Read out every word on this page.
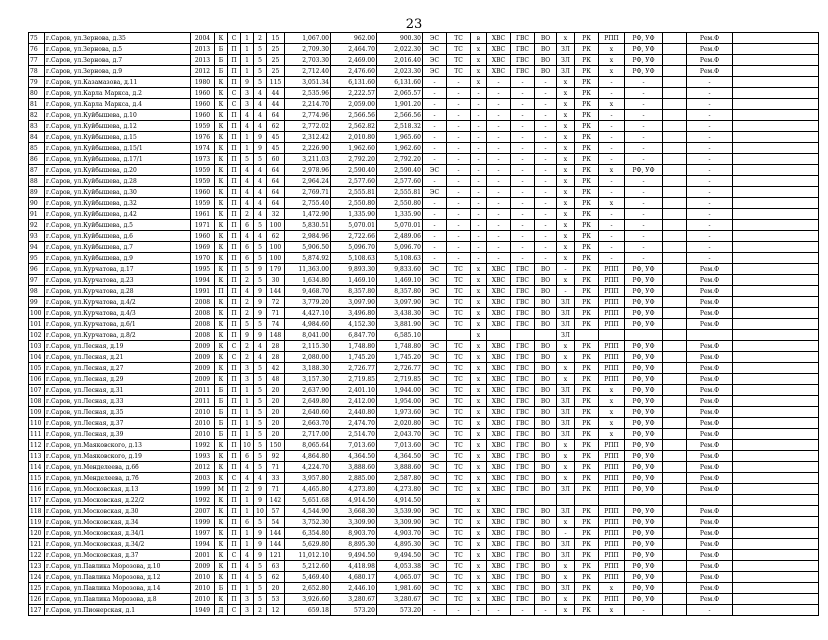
23
75	г.Саров, ул.Зернова, д.35	2004	К	С	1	2	15	1,067.00	962.00	900.30	ЭС	ТС	в	ХВС	ГВС	ВО	х	РК	РПП	РФ, УФ		Рем.Ф	
76	г.Саров, ул.Зернова, д.5	2013	Б	П	1	5	25	2,709.30	2,464.70	2,022.30	ЭС	ТС	х	ХВС	ГВС	ВО	ЗЛ	РК	х	РФ, УФ		Рем.Ф	
77	г.Саров, ул.Зернова, д.7	2013	Б	П	1	5	25	2,703.30	2,469.00	2,016.40	ЭС	ТС	х	ХВС	ГВС	ВО	ЗЛ	РК	х	РФ, УФ		Рем.Ф	
78	г.Саров, ул.Зернова, д.9	2012	Б	П	1	5	25	2,712.40	2,476.60	2,023.30	ЭС	ТС	х	ХВС	ГВС	ВО	ЗЛ	РК	х	РФ, УФ		Рем.Ф	
79	г.Саров, ул.Казамазова, д.11	1980	К	П	9	5	115	3,051.34	6,131.60	6,131.60	-	-	х	-	-	-	х	РК	-	-		-	
80	г.Саров, ул.Карла Маркса, д.2	1960	К	С	3	4	44	2,535.96	2,222.57	2,065.57	-	-	-	-	-	-	х	РК	-	-		-	
81	г.Саров, ул.Карла Маркса, д.4	1960	К	С	3	4	44	2,214.70	2,059.00	1,901.20	-	-	-	-	-	-	х	РК	х	-		-	
82	г.Саров, ул.Куйбышева, д.10	1960	К	П	4	4	64	2,774.96	2,566.56	2,566.56	-	-	-	-	-	-	х	РК	-	-		-	
83	г.Саров, ул.Куйбышева, д.12	1959	К	П	4	4	62	2,772.02	2,562.82	2,518.32	-	-	-	-	-	-	х	РК	-	-		-	
84	г.Саров, ул.Куйбышева, д.15	1976	К	П	1	9	45	2,312.42	2,010.80	1,965.60	-	-	-	-	-	-	х	РК	-	-		-	
85	г.Саров, ул.Куйбышева, д.15/1	1974	К	П	1	9	45	2,226.90	1,962.60	1,962.60	-	-	-	-	-	-	х	РК	-	-		-	
86	г.Саров, ул.Куйбышева, д.17/1	1973	К	П	5	5	60	3,211.03	2,792.20	2,792.20	-	-	-	-	-	-	х	РК	-	-		-	
87	г.Саров, ул.Куйбышева, д.20	1959	К	П	4	4	64	2,978.96	2,590.40	2,590.40	ЭС	-	-	-	-	-	х	РК	х	РФ, УФ		-	
88	г.Саров, ул.Куйбышева, д.28	1959	К	П	4	4	64	2,964.24	2,577.60	2,577.60	-	-	-	-	-	-	х	РК	-	-		-	
89	г.Саров, ул.Куйбышева, д.30	1960	К	П	4	4	64	2,769.71	2,555.81	2,555.81	ЭС	-	-	-	-	-	х	РК	-	-		-	
90	г.Саров, ул.Куйбышева, д.32	1959	К	П	4	4	64	2,755.40	2,550.80	2,550.80	-	-	-	-	-	-	х	РК	х	-		-	
91	г.Саров, ул.Куйбышева, д.42	1961	К	П	2	4	32	1,472.90	1,335.90	1,335.90	-	-	-	-	-	-	х	РК	-	-		-	
92	г.Саров, ул.Куйбышева, д.5	1971	К	П	6	5	100	5,830.51	5,070.01	5,070.01	-	-	-	-	-	-	х	РК	-	-		-	
93	г.Саров, ул.Куйбышева, д.6	1960	К	П	4	4	62	2,984.96	2,722.66	2,489.06	-	-	-	-	-	-	х	РК	-	-		-	
94	г.Саров, ул.Куйбышева, д.7	1969	К	П	6	5	100	5,906.50	5,096.70	5,096.70	-	-	-	-	-	-	х	РК	-	-		-	
95	г.Саров, ул.Куйбышева, д.9	1970	К	П	6	5	100	5,874.92	5,108.63	5,108.63	-	-	-	-	-	-	х	РК	-	-		-	
96	г.Саров, ул.Курчатова, д.17	1995	К	П	5	9	179	11,363.00	9,893.30	9,833.60	ЭС	ТС	х	ХВС	ГВС	ВО	-	РК	РПП	РФ, УФ		Рем.Ф	
97	г.Саров, ул.Курчатова, д.23	1994	К	П	2	5	30	1,634.80	1,469.10	1,469.10	ЭС	ТС	х	ХВС	ГВС	ВО	х	РК	РПП	РФ, УФ		Рем.Ф	
98	г.Саров, ул.Курчатова, д.28	1991	П	П	4	9	144	9,468.70	8,357.80	8,357.80	ЭС	ТС	х	ХВС	ГВС	ВО	-	РК	РПП	РФ, УФ		Рем.Ф	
99	г.Саров, ул.Курчатова, д.4/2	2008	К	П	2	9	72	3,779.20	3,097.90	3,097.90	ЭС	ТС	х	ХВС	ГВС	ВО	ЗЛ	РК	РПП	РФ, УФ		Рем.Ф	
100	г.Саров, ул.Курчатова, д.4/3	2008	К	П	2	9	71	4,427.10	3,496.80	3,438.30	ЭС	ТС	х	ХВС	ГВС	ВО	ЗЛ	РК	РПП	РФ, УФ		Рем.Ф	
101	г.Саров, ул.Курчатова, д.6/1	2008	К	П	5	5	74	4,984.60	4,152.30	3,881.90	ЭС	ТС	х	ХВС	ГВС	ВО	ЗЛ	РК	РПП	РФ, УФ		Рем.Ф	
102	г.Саров, ул.Курчатова, д.8/2	2008	К	П	9	9	148	8,041.00	6,847.70	6,585.10			х				ЗЛ						
103	г.Саров, ул.Лесная, д.19	2009	К	С	2	4	28	2,115.30	1,748.80	1,748.80	ЭС	ТС	х	ХВС	ГВС	ВО	х	РК	РПП	РФ, УФ		Рем.Ф	
104	г.Саров, ул.Лесная, д.21	2009	К	С	2	4	28	2,080.00	1,745.20	1,745.20	ЭС	ТС	х	ХВС	ГВС	ВО	х	РК	РПП	РФ, УФ		Рем.Ф	
105	г.Саров, ул.Лесная, д.27	2009	К	П	3	5	42	3,188.30	2,726.77	2,726.77	ЭС	ТС	х	ХВС	ГВС	ВО	х	РК	РПП	РФ, УФ		Рем.Ф	
106	г.Саров, ул.Лесная, д.29	2009	К	П	3	5	48	3,157.30	2,719.85	2,719.85	ЭС	ТС	х	ХВС	ГВС	ВО	х	РК	РПП	РФ, УФ		Рем.Ф	
107	г.Саров, ул.Лесная, д.31	2011	Б	П	1	5	20	2,637.90	2,401.10	1,944.00	ЭС	ТС	х	ХВС	ГВС	ВО	ЗЛ	РК	х	РФ, УФ		Рем.Ф	
108	г.Саров, ул.Лесная, д.33	2011	Б	П	1	5	20	2,649.80	2,412.00	1,954.00	ЭС	ТС	х	ХВС	ГВС	ВО	ЗЛ	РК	х	РФ, УФ		Рем.Ф	
109	г.Саров, ул.Лесная, д.35	2010	Б	П	1	5	20	2,640.60	2,440.80	1,973.60	ЭС	ТС	х	ХВС	ГВС	ВО	ЗЛ	РК	х	РФ, УФ		Рем.Ф	
110	г.Саров, ул.Лесная, д.37	2010	Б	П	1	5	20	2,663.70	2,474.70	2,020.80	ЭС	ТС	х	ХВС	ГВС	ВО	ЗЛ	РК	х	РФ, УФ		Рем.Ф	
111	г.Саров, ул.Лесная, д.39	2010	Б	П	1	5	20	2,717.00	2,514.70	2,043.70	ЭС	ТС	х	ХВС	ГВС	ВО	ЗЛ	РК	х	РФ, УФ		Рем.Ф	
112	г.Саров, ул.Маяковского, д.13	1992	К	П	10	5	150	8,065.64	7,013.60	7,013.60	ЭС	ТС	х	ХВС	ГВС	ВО	х	РК	РПП	РФ, УФ		Рем.Ф	
113	г.Саров, ул.Маяковского, д.19	1993	К	П	6	5	92	4,864.80	4,364.50	4,364.50	ЭС	ТС	х	ХВС	ГВС	ВО	х	РК	РПП	РФ, УФ		Рем.Ф	
114	г.Саров, ул.Менделеева, д.6б	2012	К	П	4	5	71	4,224.70	3,888.60	3,888.60	ЭС	ТС	х	ХВС	ГВС	ВО	х	РК	РПП	РФ, УФ		Рем.Ф	
115	г.Саров, ул.Менделеева, д.7б	2003	К	С	4	4	33	3,957.80	2,885.00	2,587.80	ЭС	ТС	х	ХВС	ГВС	ВО	х	РК	РПП	РФ, УФ		Рем.Ф	
116	г.Саров, ул.Московская, д.13	1999	М	П	2	9	71	4,465.80	4,273.80	4,273.80	ЭС	ТС	х	ХВС	ГВС	ВО	ЗЛ	РК	РПП	РФ, УФ		Рем.Ф	
117	г.Саров, ул.Московская, д.22/2	1992	К	П	1	9	142	5,651.68	4,914.50	4,914.50			х										
118	г.Саров, ул.Московская, д.30	2007	К	П	1	10	57	4,544.90	3,668.30	3,539.90	ЭС	ТС	х	ХВС	ГВС	ВО	ЗЛ	РК	РПП	РФ, УФ		Рем.Ф	
119	г.Саров, ул.Московская, д.34	1999	К	П	6	5	54	3,752.30	3,309.90	3,309.90	ЭС	ТС	х	ХВС	ГВС	ВО	х	РК	РПП	РФ, УФ		Рем.Ф	
120	г.Саров, ул.Московская, д.34/1	1997	К	П	1	9	144	6,354.80	8,903.70	4,903.70	ЭС	ТС	х	ХВС	ГВС	ВО	-	РК	РПП	РФ, УФ		Рем.Ф	
121	г.Саров, ул.Московская, д.34/2	1994	К	П	1	9	144	5,629.80	8,895.30	4,895.30	ЭС	ТС	х	ХВС	ГВС	ВО	ЗЛ	РК	РПП	РФ, УФ		Рем.Ф	
122	г.Саров, ул.Московская, д.37	2001	К	С	4	9	121	11,012.10	9,494.50	9,494.50	ЭС	ТС	х	ХВС	ГВС	ВО	ЗЛ	РК	РПП	РФ, УФ		Рем.Ф	
123	г.Саров, ул.Павлика Морозова, д.10	2009	К	П	4	5	63	5,212.60	4,418.98	4,053.38	ЭС	ТС	х	ХВС	ГВС	ВО	х	РК	РПП	РФ, УФ		Рем.Ф	
124	г.Саров, ул.Павлика Морозова, д.12	2010	К	П	4	5	62	5,469.40	4,680.17	4,065.07	ЭС	ТС	х	ХВС	ГВС	ВО	х	РК	РПП	РФ, УФ		Рем.Ф	
125	г.Саров, ул.Павлика Морозова, д.14	2010	Б	П	1	5	20	2,652.80	2,446.10	1,981.60	ЭС	ТС	х	ХВС	ГВС	ВО	ЗЛ	РК	х	РФ, УФ		Рем.Ф	
126	г.Саров, ул.Павлика Морозова, д.8	2010	К	П	3	5	53	3,926.60	3,280.67	3,280.67	ЭС	ТС	х	ХВС	ГВС	ВО	х	РК	РПП	РФ, УФ		Рем.Ф	
127	г.Саров, ул.Пионерская, д.1	1949	Д	С	3	2	12	659.18	573.20	573.20	-	-	-	-	-	-	х	РК	х	-		-	
